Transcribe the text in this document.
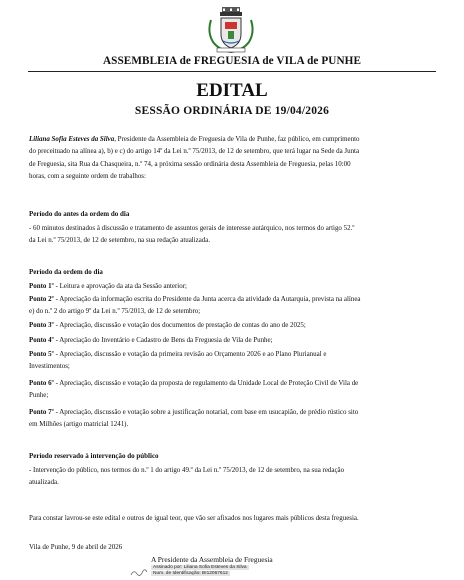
ASSEMBLEIA de FREGUESIA de VILA de PUNHE
EDITAL
SESSÃO ORDINÁRIA DE 19/04/2026
Liliana Sofia Esteves da Silva, Presidente da Assembleia de Freguesia de Vila de Punhe, faz público, em cumprimento
do preceituado na alínea a), b) e c) do artigo 14º da Lei n.º 75/2013, de 12 de setembro, que terá lugar na Sede da Junta
de Freguesia, sita Rua da Chasqueira, n.º 74, a próxima sessão ordinária desta Assembleia de Freguesia, pelas 10:00
horas, com a seguinte ordem de trabalhos:
Período do antes da ordem do dia
- 60 minutos destinados à discussão e tratamento de assuntos gerais de interesse autárquico, nos termos do artigo 52.º
da Lei n.º 75/2013, de 12 de setembro, na sua redação atualizada.
Período da ordem do dia
Ponto 1º - Leitura e aprovação da ata da Sessão anterior;
Ponto 2º - Apreciação da informação escrita do Presidente da Junta acerca da atividade da Autarquia, prevista na alínea
e) do n.º 2 do artigo 9º da Lei n.º 75/2013, de 12 de setembro;
Ponto 3º - Apreciação, discussão e votação dos documentos de prestação de contas do ano de 2025;
Ponto 4º - Apreciação do Inventário e Cadastro de Bens da Freguesia de Vila de Punhe;
Ponto 5º - Apreciação, discussão e votação da primeira revisão ao Orçamento 2026 e ao Plano Plurianual e
Investimentos;
Ponto 6º - Apreciação, discussão e votação da proposta de regulamento da Unidade Local de Proteção Civil de Vila de
Punhe;
Ponto 7º - Apreciação, discussão e votação sobre a justificação notarial, com base em usucapião, de prédio rústico sito
em Milhões (artigo matricial 1241).
Período reservado à intervenção do público
- Intervenção do público, nos termos do n.º 1 do artigo 49.º da Lei n.º 75/2013, de 12 de setembro, na sua redação
atualizada.
Para constar lavrou-se este edital e outros de igual teor, que vão ser afixados nos lugares mais públicos desta freguesia.
Vila de Punhe, 9 de abril de 2026
A Presidente da Assembleia de Freguesia
Assinado por: Liliana Sofia Esteves da Silva
Num. de Identificação: BI12067612
